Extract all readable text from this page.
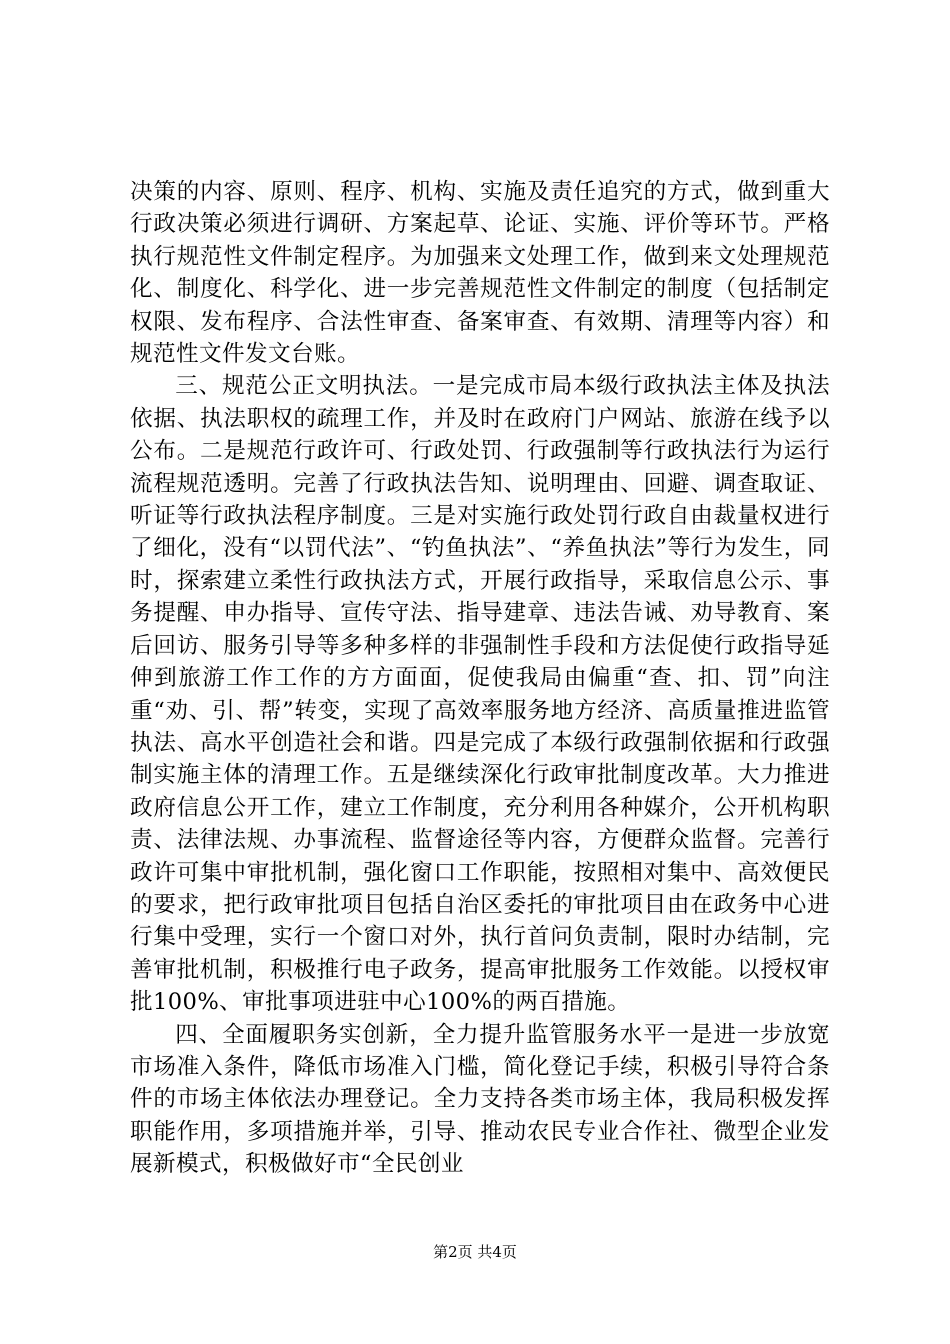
决策的内容、原则、程序、机构、实施及责任追究的方式，做到重大行政决策必须进行调研、方案起草、论证、实施、评价等环节。严格执行规范性文件制定程序。为加强来文处理工作，做到来文处理规范化、制度化、科学化、进一步完善规范性文件制定的制度（包括制定权限、发布程序、合法性审查、备案审查、有效期、清理等内容）和规范性文件发文台账。

三、规范公正文明执法。一是完成市局本级行政执法主体及执法依据、执法职权的疏理工作，并及时在政府门户网站、旅游在线予以公布。二是规范行政许可、行政处罚、行政强制等行政执法行为运行流程规范透明。完善了行政执法告知、说明理由、回避、调查取证、听证等行政执法程序制度。三是对实施行政处罚行政自由裁量权进行了细化，没有“以罚代法”、“钓鱼执法”、“养鱼执法”等行为发生，同时，探索建立柔性行政执法方式，开展行政指导，采取信息公示、事务提醒、申办指导、宣传守法、指导建章、违法告诫、劝导教育、案后回访、服务引导等多种多样的非强制性手段和方法促使行政指导延伸到旅游工作工作的方方面面，促使我局由偏重“查、扣、罚”向注重“劝、引、帮”转变，实现了高效率服务地方经济、高质量推进监管执法、高水平创造社会和谐。四是完成了本级行政强制依据和行政强制实施主体的清理工作。五是继续深化行政审批制度改革。大力推进政府信息公开工作，建立工作制度，充分利用各种媒介，公开机构职责、法律法规、办事流程、监督途径等内容，方便群众监督。完善行政许可集中审批机制，强化窗口工作职能，按照相对集中、高效便民的要求，把行政审批项目包括自治区委托的审批项目由在政务中心进行集中受理，实行一个窗口对外，执行首问负责制，限时办结制，完善审批机制，积极推行电子政务，提高审批服务工作效能。以授权审批100%、审批事项进驻中心100%的两百措施。

四、全面履职务实创新，全力提升监管服务水平一是进一步放宽市场准入条件，降低市场准入门槛，简化登记手续，积极引导符合条件的市场主体依法办理登记。全力支持各类市场主体，我局积极发挥职能作用，多项措施并举，引导、推动农民专业合作社、微型企业发展新模式，积极做好市“全民创业

第2页 共4页
